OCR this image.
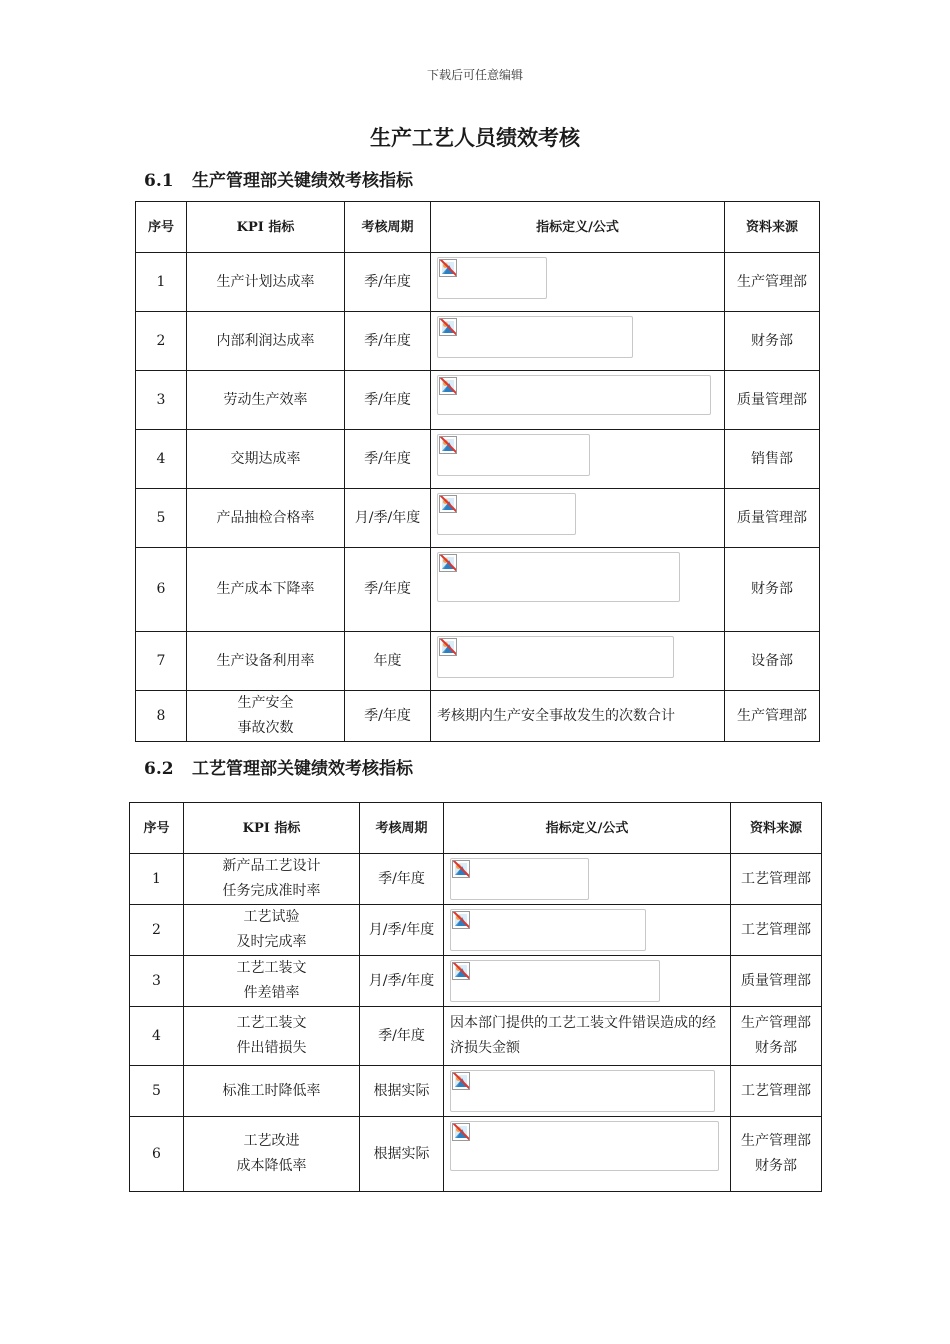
下载后可任意编辑
生产工艺人员绩效考核
6.1 生产管理部关键绩效考核指标
序号	KPI 指标	考核周期	指标定义/公式	资料来源
1	生产计划达成率	季/年度		生产管理部
2	内部利润达成率	季/年度		财务部
3	劳动生产效率	季/年度		质量管理部
4	交期达成率	季/年度		销售部
5	产品抽检合格率	月/季/年度		质量管理部
6	生产成本下降率	季/年度		财务部
7	生产设备利用率	年度		设备部
8	生产安全
事故次数	季/年度	考核期内生产安全事故发生的次数合计	生产管理部
6.2 工艺管理部关键绩效考核指标
序号	KPI 指标	考核周期	指标定义/公式	资料来源
1	新产品工艺设计
任务完成准时率	季/年度		工艺管理部
2	工艺试验
及时完成率	月/季/年度		工艺管理部
3	工艺工装文
件差错率	月/季/年度		质量管理部
4	工艺工装文
件出错损失	季/年度	因本部门提供的工艺工装文件错误造成的经济损失金额	生产管理部
财务部
5	标准工时降低率	根据实际		工艺管理部
6	工艺改进
成本降低率	根据实际		生产管理部
财务部
